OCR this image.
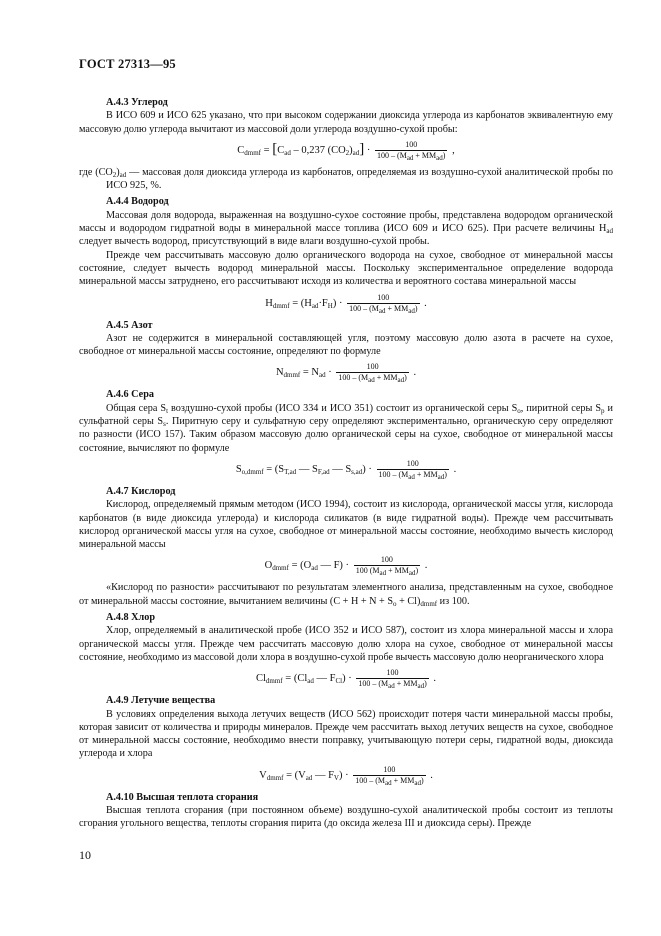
ГОСТ 27313—95
А.4.3 Углерод

В ИСО 609 и ИСО 625 указано, что при высоком содержании диоксида углерода из карбонатов эквивалентную ему массовую долю углерода вычитают из массовой доли углерода воздушно-сухой пробы:

$C_{dmmf} = [C_{ad} - 0,237$ $(CO_2)_{ad}] \cdot \frac{100}{100 - (M_{ad} + MM_{ad})}$ ,

где $(CO_2)_{ad}$ — массовая доля диоксида углерода из карбонатов, определяемая из воздушно-сухой аналитической пробы по ИСО 925, %.

А.4.4 Водород

Массовая доля водорода, выраженная на воздушно-сухое состояние пробы, представлена водородом органической массы и водородом гидратной воды в минеральной массе топлива (ИСО 609 и ИСО 625). При расчете величины $H_{ad}$ следует вычесть водород, присутствующий в виде влаги воздушно-сухой пробы.

Прежде чем рассчитывать массовую долю органического водорода на сухое, свободное от минеральной массы состояние, следует вычесть водород минеральной массы. Поскольку экспериментальное определение водорода минеральной массы затруднено, его рассчитывают исходя из количества и вероятного состава минеральной массы

$H_{dmmf} = (H_{ad}\cdot F_H) \cdot \frac{100}{100 - (M_{ad} + MM_{ad})}$ .
А.4.5 Азот

Азот не содержится в минеральной составляющей угля, поэтому массовую долю азота в расчете на сухое, свободное от минеральной массы состояние, определяют по формуле

$N_{dmmf} = N_{ad} \cdot \frac{100}{100 - (M_{ad} + MM_{ad})}$ .
А.4.6 Сера

Общая сера $S_t$ воздушно-сухой пробы (ИСО 334 и ИСО 351) состоит из органической серы $S_o$, пиритной серы $S_p$ и сульфатной серы $S_s$. Пиритную серу и сульфатную серу определяют экспериментально, органическую серу определяют по разности (ИСО 157). Таким образом массовую долю органической серы на сухое, свободное от минеральной массы состояние, вычисляют по формуле

$S_{o,dmmf} = (S_{T,ad}$ — $S_{F,ad}$ — $S_{s,ad}) \cdot \frac{100}{100 - (M_{ad} + MM_{ad})}$ .
А.4.7 Кислород

Кислород, определяемый прямым методом (ИСО 1994), состоит из кислорода, органической массы угля, кислорода карбонатов (в виде диоксида углерода) и кислорода силикатов (в виде гидратной воды). Прежде чем рассчитывать кислород органической массы угля на сухое, свободное от минеральной массы состояние, необходимо вычесть кислород минеральной массы

$O_{dmmf} = (O_{ad}$ — $F) \cdot \frac{100}{100 (M_{ad} + MM_{ad})}$ .

«Кислород по разности» рассчитывают по результатам элементного анализа, представленным на сухое, свободное от минеральной массы состояние, вычитанием величины $(C + H + N + S_o + Cl)_{dmmf}$ из 100.

А.4.8 Хлор

Хлор, определяемый в аналитической пробе (ИСО 352 и ИСО 587), состоит из хлора минеральной массы и хлора органической массы угля. Прежде чем рассчитать массовую долю хлора на сухое, свободное от минеральной массы состояние, необходимо из массовой доли хлора в воздушно-сухой пробе вычесть массовую долю неорганического хлора

$Cl_{dmmf} = (Cl_{ad}$ — $F_{Cl}) \cdot \frac{100}{100 - (M_{ad} + MM_{ad})}$ .
А.4.9 Летучие вещества

В условиях определения выхода летучих веществ (ИСО 562) происходит потеря части минеральной массы пробы, которая зависит от количества и природы минералов. Прежде чем рассчитать выход летучих веществ на сухое, свободное от минеральной массы состояние, необходимо внести поправку, учитывающую потери серы, гидратной воды, диоксида углерода и хлора

$V_{dmmf} = (V_{ad}$ — $F_V) \cdot \frac{100}{100 - (M_{ad} + MM_{ad})}$ .
А.4.10 Высшая теплота сгорания

Высшая теплота сгорания (при постоянном объеме) воздушно-сухой аналитической пробы состоит из теплоты сгорания угольного вещества, теплоты сгорания пирита (до оксида железа III и диоксида серы). Прежде

10
